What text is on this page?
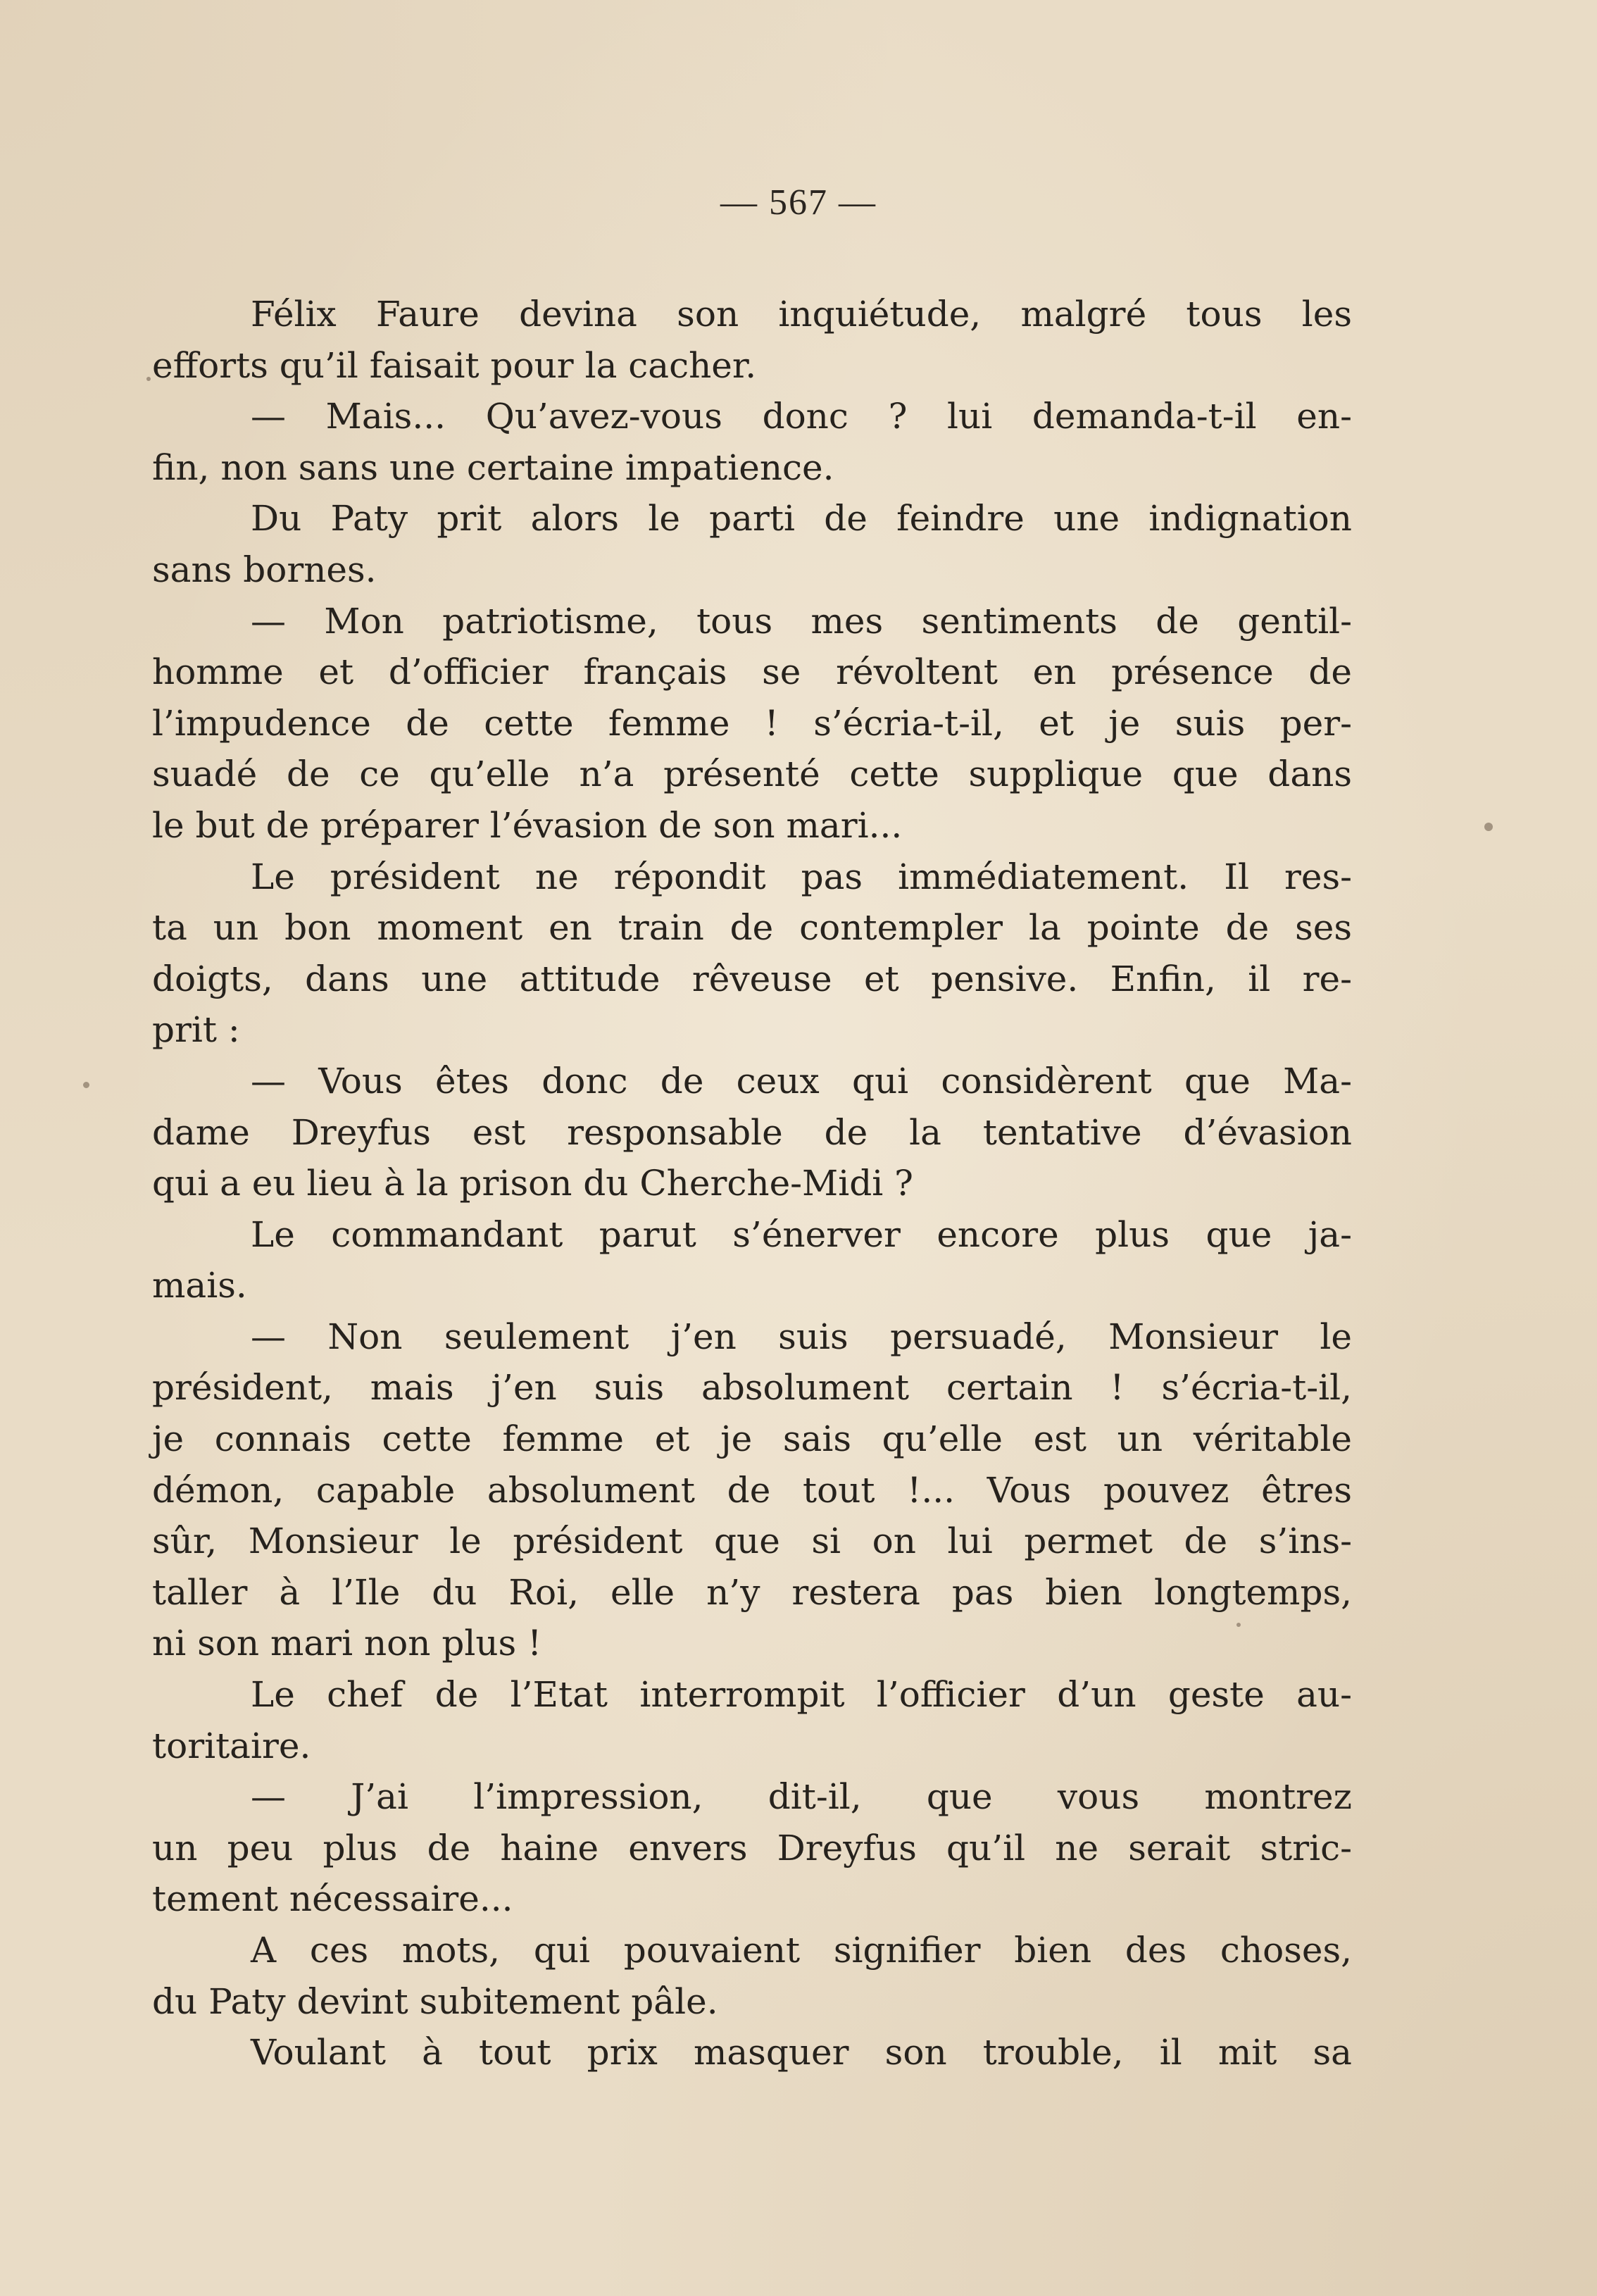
— 567 —
Félix Faure devina son inquiétude, malgré tous les
efforts qu’il faisait pour la cacher.
— Mais... Qu’avez-vous donc ? lui demanda-t-il en-
fin, non sans une certaine impatience.
Du Paty prit alors le parti de feindre une indignation
sans bornes.
— Mon patriotisme, tous mes sentiments de gentil-
homme et d’officier français se révoltent en présence de
l’impudence de cette femme ! s’écria-t-il, et je suis per-
suadé de ce qu’elle n’a présenté cette supplique que dans
le but de préparer l’évasion de son mari...
Le président ne répondit pas immédiatement. Il res-
ta un bon moment en train de contempler la pointe de ses
doigts, dans une attitude rêveuse et pensive. Enfin, il re-
prit :
— Vous êtes donc de ceux qui considèrent que Ma-
dame Dreyfus est responsable de la tentative d’évasion
qui a eu lieu à la prison du Cherche-Midi ?
Le commandant parut s’énerver encore plus que ja-
mais.
— Non seulement j’en suis persuadé, Monsieur le
président, mais j’en suis absolument certain ! s’écria-t-il,
je connais cette femme et je sais qu’elle est un véritable
démon, capable absolument de tout !... Vous pouvez êtres
sûr, Monsieur le président que si on lui permet de s’ins-
taller à l’Ile du Roi, elle n’y restera pas bien longtemps,
ni son mari non plus !
Le chef de l’Etat interrompit l’officier d’un geste au-
toritaire.
— J’ai l’impression, dit-il, que vous montrez
un peu plus de haine envers Dreyfus qu’il ne serait stric-
tement nécessaire...
A ces mots, qui pouvaient signifier bien des choses,
du Paty devint subitement pâle.
Voulant à tout prix masquer son trouble, il mit sa
